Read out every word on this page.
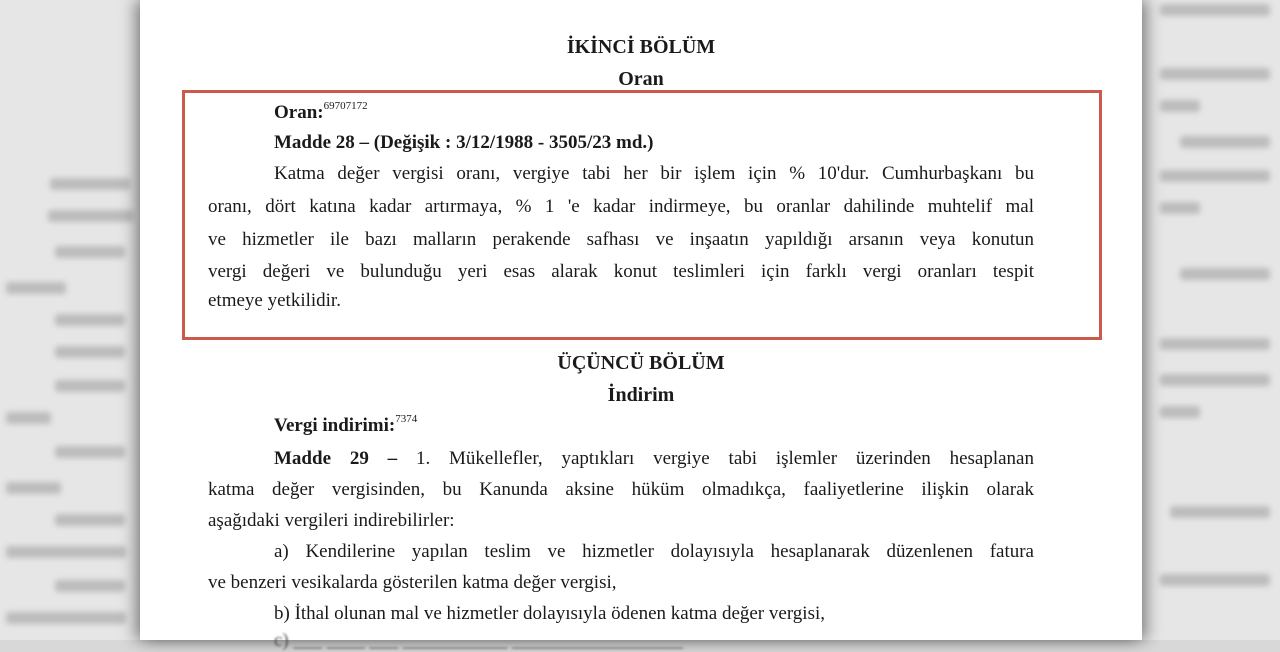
İKİNCİ BÖLÜM
Oran
Oran:$^{69707172}$
Madde 28 – (Değişik : 3/12/1988 - 3505/23 md.)
Katma değer vergisi oranı, vergiye tabi her bir işlem için % 10'dur. Cumhurbaşkanı bu
oranı, dört katına kadar artırmaya, % 1 'e kadar indirmeye, bu oranlar dahilinde muhtelif mal
ve hizmetler ile bazı malların perakende safhası ve inşaatın yapıldığı arsanın veya konutun
vergi değeri ve bulunduğu yeri esas alarak konut teslimleri için farklı vergi oranları tespit
etmeye yetkilidir.
ÜÇÜNCÜ BÖLÜM
İndirim
Vergi indirimi:$^{7374}$
Madde 29 – 1. Mükellefler, yaptıkları vergiye tabi işlemler üzerinden hesaplanan
katma değer vergisinden, bu Kanunda aksine hüküm olmadıkça, faaliyetlerine ilişkin olarak
aşağıdaki vergileri indirebilirler:
a) Kendilerine yapılan teslim ve hizmetler dolayısıyla hesaplanarak düzenlenen fatura
ve benzeri vesikalarda gösterilen katma değer vergisi,
b) İthal olunan mal ve hizmetler dolayısıyla ödenen katma değer vergisi,
c) ___ ____ ___ ___________ __________________
